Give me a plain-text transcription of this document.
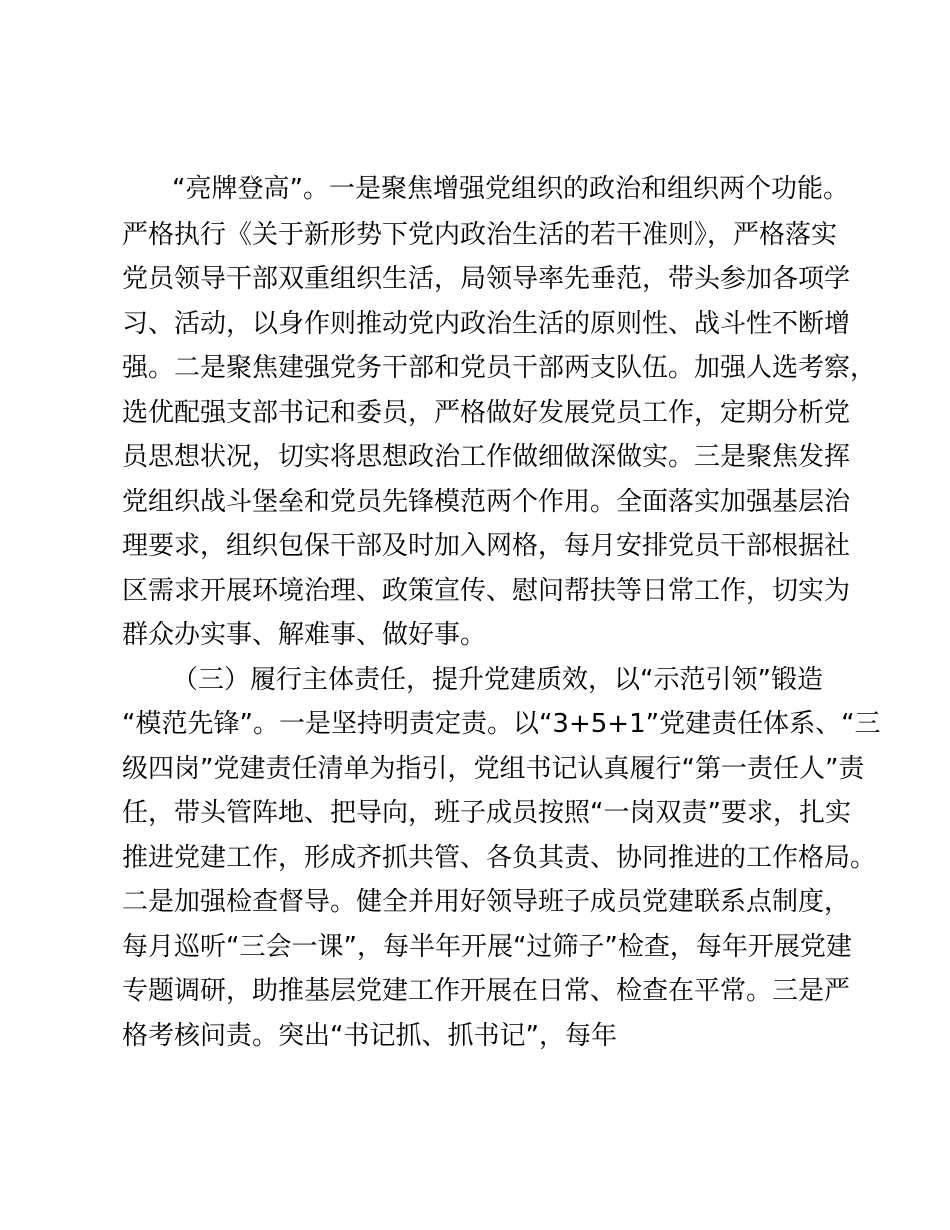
“亮牌登高”。一是聚焦增强党组织的政治和组织两个功能。
严格执行《关于新形势下党内政治生活的若干准则》，严格落实
党员领导干部双重组织生活，局领导率先垂范，带头参加各项学
习、活动，以身作则推动党内政治生活的原则性、战斗性不断增
强。二是聚焦建强党务干部和党员干部两支队伍。加强人选考察，
选优配强支部书记和委员，严格做好发展党员工作，定期分析党
员思想状况，切实将思想政治工作做细做深做实。三是聚焦发挥
党组织战斗堡垒和党员先锋模范两个作用。全面落实加强基层治
理要求，组织包保干部及时加入网格，每月安排党员干部根据社
区需求开展环境治理、政策宣传、慰问帮扶等日常工作，切实为
群众办实事、解难事、做好事。
（三）履行主体责任，提升党建质效，以“示范引领”锻造
“模范先锋”。一是坚持明责定责。以“3+5+1”党建责任体系、“三
级四岗”党建责任清单为指引，党组书记认真履行“第一责任人”责
任，带头管阵地、把导向，班子成员按照“一岗双责”要求，扎实
推进党建工作，形成齐抓共管、各负其责、协同推进的工作格局。
二是加强检查督导。健全并用好领导班子成员党建联系点制度，
每月巡听“三会一课”，每半年开展“过筛子”检查，每年开展党建
专题调研，助推基层党建工作开展在日常、检查在平常。三是严
格考核问责。突出“书记抓、抓书记”，每年
